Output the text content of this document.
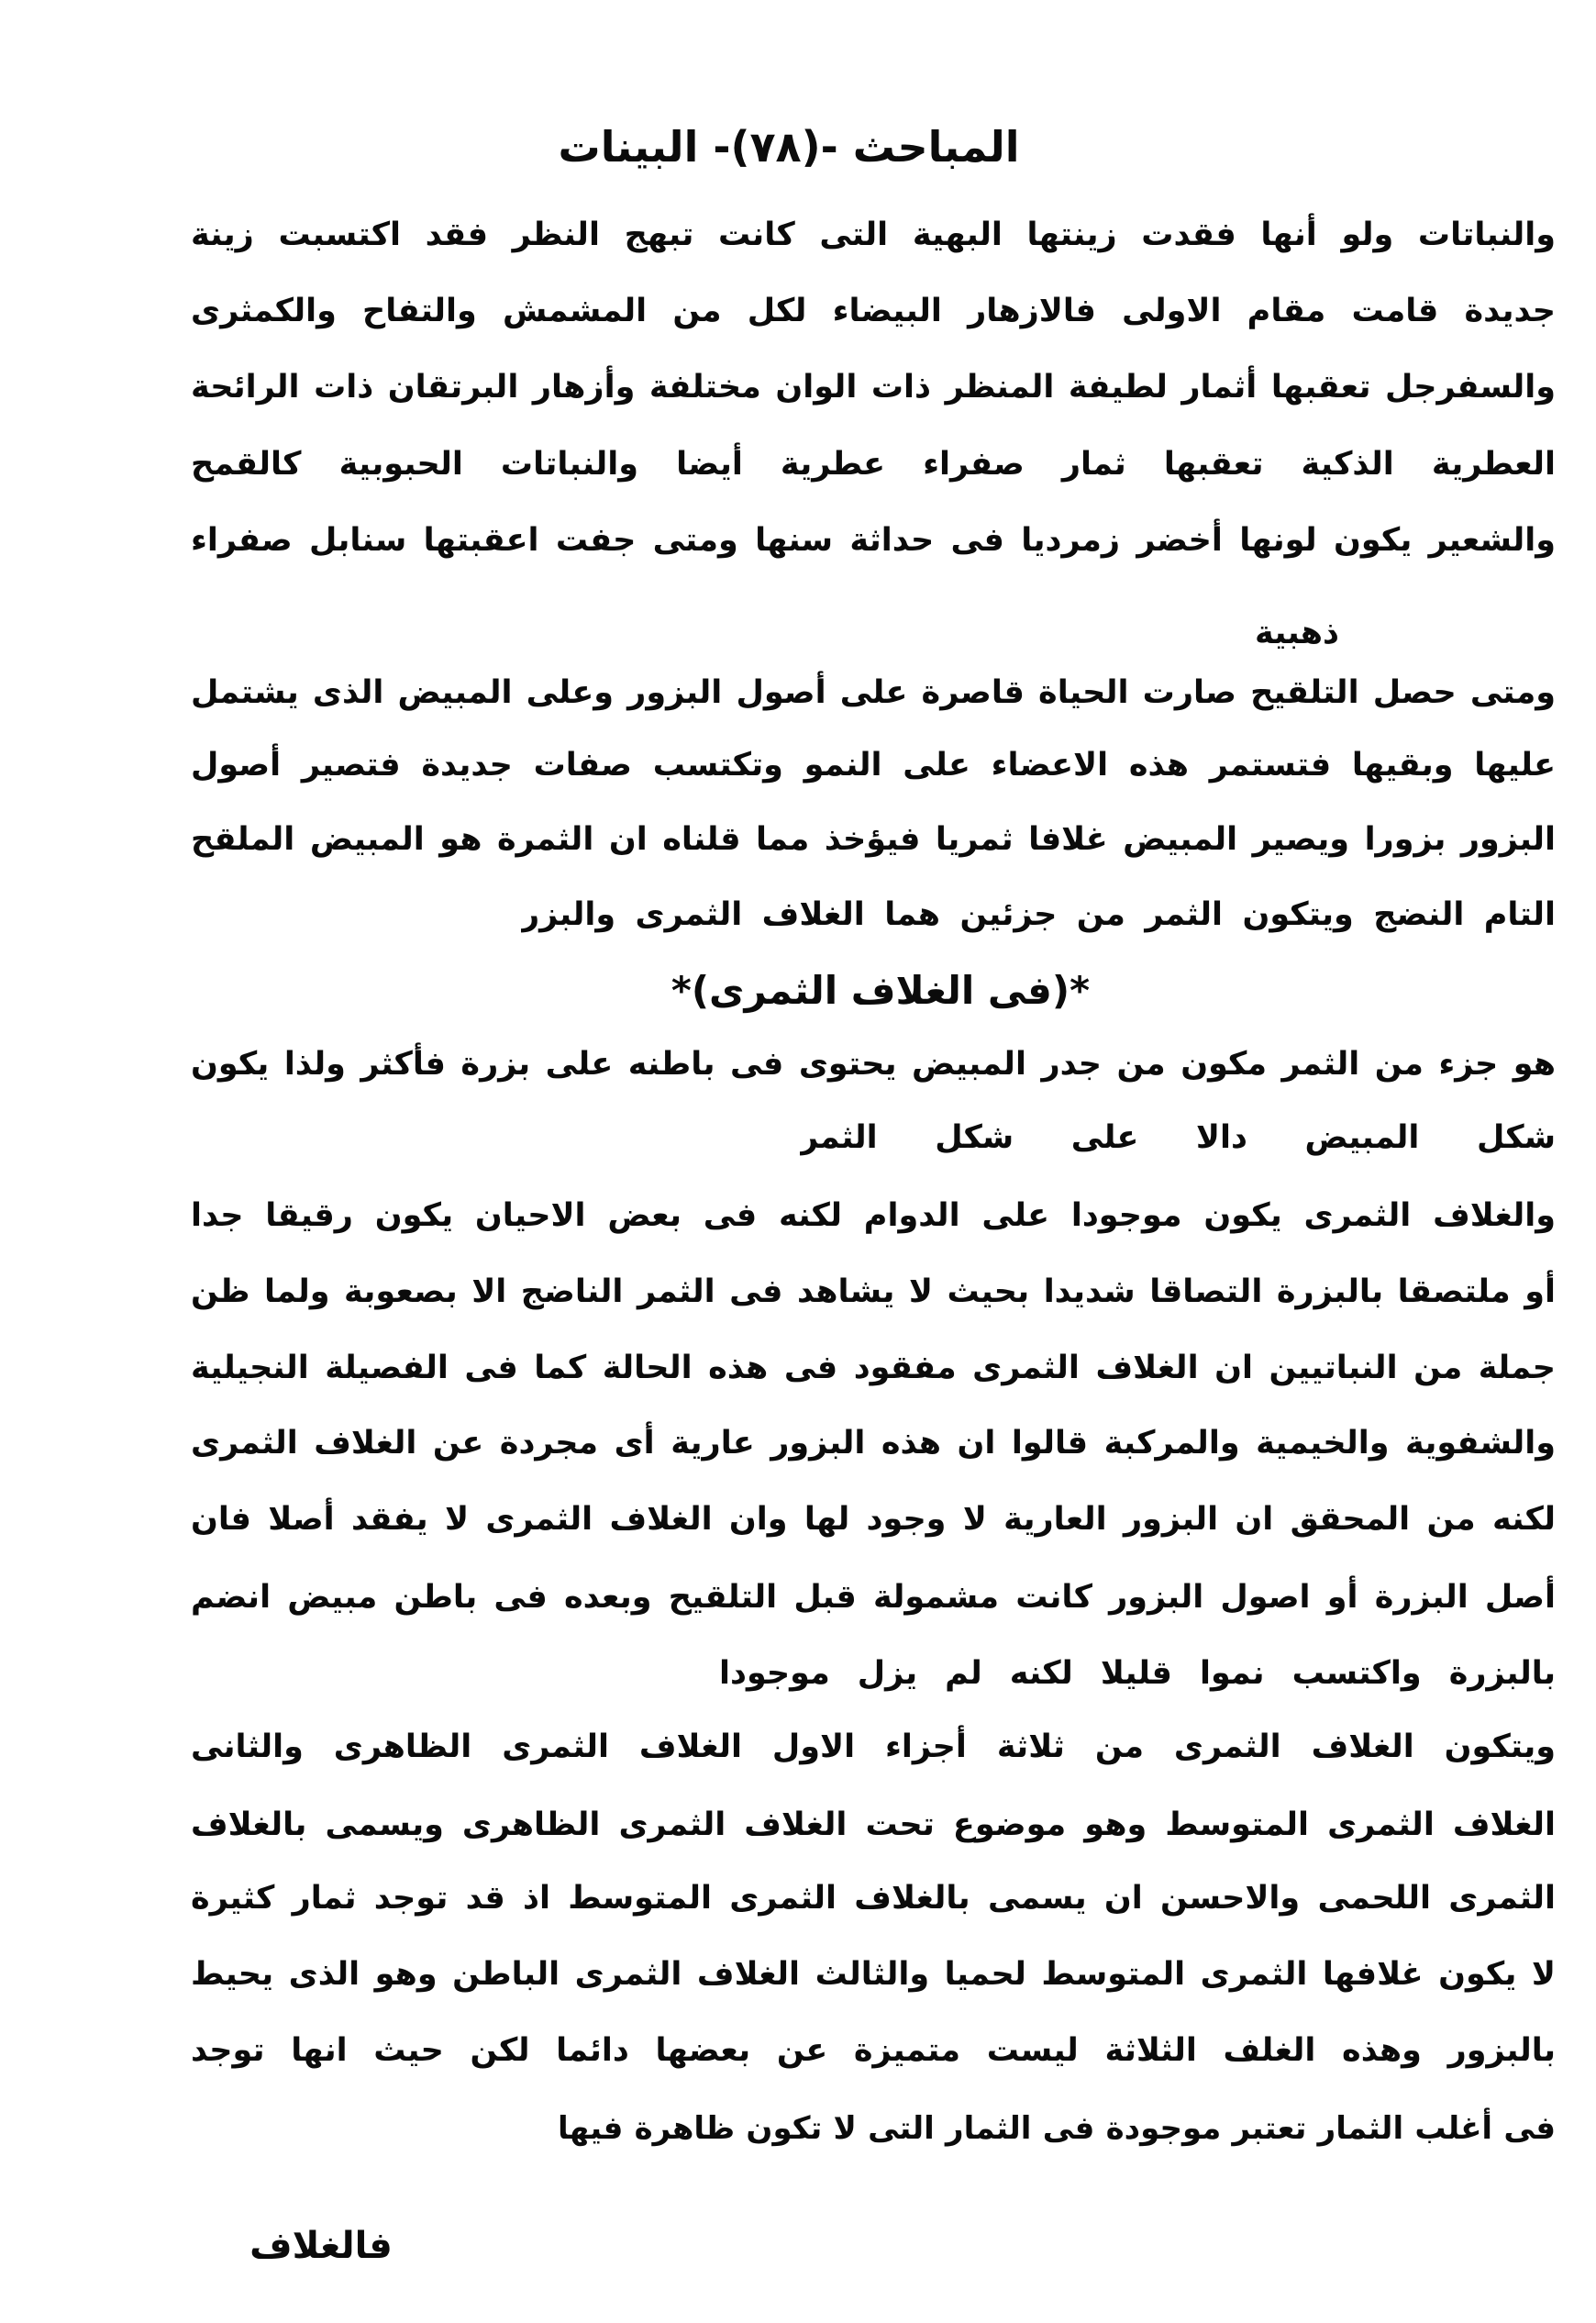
المباحث -(٧٨)- البينات
والنباتات ولو أنها فقدت زينتها البهية التى كانت تبهج النظر فقد اكتسبت زينة
جديدة قامت مقام الاولى فالازهار البيضاء لكل من المشمش والتفاح والكمثرى
والسفرجل تعقبها أثمار لطيفة المنظر ذات الوان مختلفة وأزهار البرتقان ذات الرائحة
العطرية الذكية تعقبها ثمار صفراء عطرية أيضا والنباتات الحبوبية كالقمح
والشعير يكون لونها أخضر زمرديا فى حداثة سنها ومتى جفت اعقبتها سنابل صفراء
ذهبية
ومتى حصل التلقيح صارت الحياة قاصرة على أصول البزور وعلى المبيض الذى يشتمل
عليها وبقيها فتستمر هذه الاعضاء على النمو وتكتسب صفات جديدة فتصير أصول
البزور بزورا ويصير المبيض غلافا ثمريا فيؤخذ مما قلناه ان الثمرة هو المبيض الملقح
التام النضج ويتكون الثمر من جزئين هما الغلاف الثمرى والبزر
*(فى الغلاف الثمرى)*
هو جزء من الثمر مكون من جدر المبيض يحتوى فى باطنه على بزرة فأكثر ولذا يكون
شكل المبيض دالا على شكل الثمر
والغلاف الثمرى يكون موجودا على الدوام لكنه فى بعض الاحيان يكون رقيقا جدا
أو ملتصقا بالبزرة التصاقا شديدا بحيث لا يشاهد فى الثمر الناضج الا بصعوبة ولما ظن
جملة من النباتيين ان الغلاف الثمرى مفقود فى هذه الحالة كما فى الفصيلة النجيلية
والشفوية والخيمية والمركبة قالوا ان هذه البزور عارية أى مجردة عن الغلاف الثمرى
لكنه من المحقق ان البزور العارية لا وجود لها وان الغلاف الثمرى لا يفقد أصلا فان
أصل البزرة أو اصول البزور كانت مشمولة قبل التلقيح وبعده فى باطن مبيض انضم
بالبزرة واكتسب نموا قليلا لكنه لم يزل موجودا
ويتكون الغلاف الثمرى من ثلاثة أجزاء الاول الغلاف الثمرى الظاهرى والثانى
الغلاف الثمرى المتوسط وهو موضوع تحت الغلاف الثمرى الظاهرى ويسمى بالغلاف
الثمرى اللحمى والاحسن ان يسمى بالغلاف الثمرى المتوسط اذ قد توجد ثمار كثيرة
لا يكون غلافها الثمرى المتوسط لحميا والثالث الغلاف الثمرى الباطن وهو الذى يحيط
بالبزور وهذه الغلف الثلاثة ليست متميزة عن بعضها دائما لكن حيث انها توجد
فى أغلب الثمار تعتبر موجودة فى الثمار التى لا تكون ظاهرة فيها
فالغلاف
